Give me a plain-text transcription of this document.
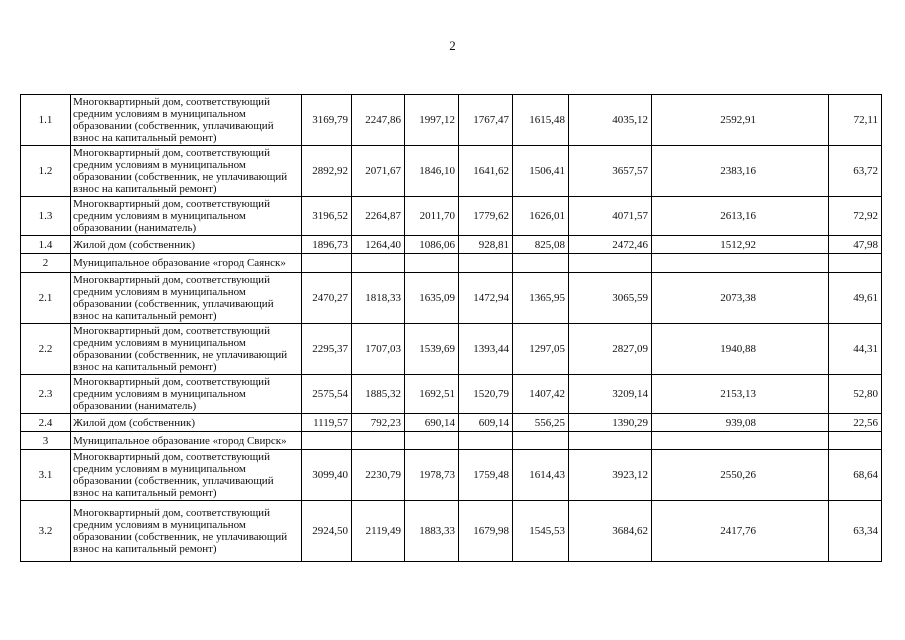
2
1.1	Многоквартирный дом, соответствующий средним условиям в муниципальном образовании (собственник, уплачивающий взнос на капитальный ремонт)	3169,79	2247,86	1997,12	1767,47	1615,48	4035,12	2592,91	72,11
1.2	Многоквартирный дом, соответствующий средним условиям в муниципальном образовании (собственник, не уплачивающий взнос на капитальный ремонт)	2892,92	2071,67	1846,10	1641,62	1506,41	3657,57	2383,16	63,72
1.3	Многоквартирный дом, соответствующий средним условиям в муниципальном образовании (наниматель)	3196,52	2264,87	2011,70	1779,62	1626,01	4071,57	2613,16	72,92
1.4	Жилой дом (собственник)	1896,73	1264,40	1086,06	928,81	825,08	2472,46	1512,92	47,98
2	Муниципальное образование «город Саянск»								
2.1	Многоквартирный дом, соответствующий средним условиям в муниципальном образовании (собственник, уплачивающий взнос на капитальный ремонт)	2470,27	1818,33	1635,09	1472,94	1365,95	3065,59	2073,38	49,61
2.2	Многоквартирный дом, соответствующий средним условиям в муниципальном образовании (собственник, не уплачивающий взнос на капитальный ремонт)	2295,37	1707,03	1539,69	1393,44	1297,05	2827,09	1940,88	44,31
2.3	Многоквартирный дом, соответствующий средним условиям в муниципальном образовании (наниматель)	2575,54	1885,32	1692,51	1520,79	1407,42	3209,14	2153,13	52,80
2.4	Жилой дом (собственник)	1119,57	792,23	690,14	609,14	556,25	1390,29	939,08	22,56
3	Муниципальное образование «город Свирск»								
3.1	Многоквартирный дом, соответствующий средним условиям в муниципальном образовании (собственник, уплачивающий взнос на капитальный ремонт)	3099,40	2230,79	1978,73	1759,48	1614,43	3923,12	2550,26	68,64
3.2	Многоквартирный дом, соответствующий средним условиям в муниципальном образовании (собственник, не уплачивающий взнос на капитальный ремонт)	2924,50	2119,49	1883,33	1679,98	1545,53	3684,62	2417,76	63,34
